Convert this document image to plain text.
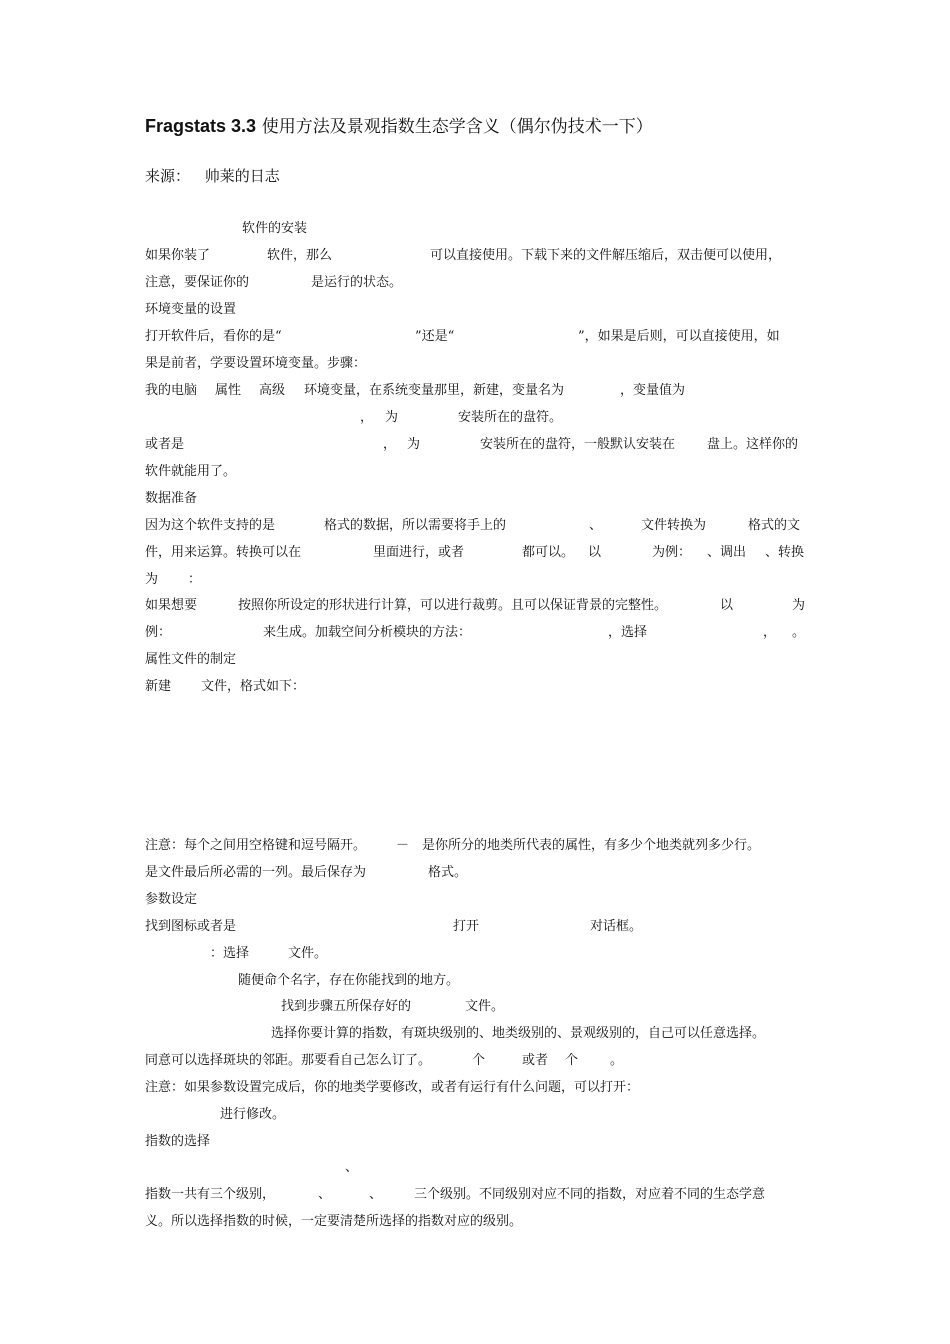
Fragstats 3.3 使用方法及景观指数生态学含义（偶尔伪技术一下）
来源： 帅莱的日志
软件的安装
如果你装了	软件，那么	可以直接使用。下载下来的文件解压缩后，双击便可以使用，
注意，要保证你的	是运行的状态。
环境变量的设置
打开软件后，看你的是“	”还是“	”，如果是后则，可以直接使用，如
果是前者，学要设置环境变量。步骤：
我的电脑 属性 高级 环境变量，在系统变量那里，新建，变量名为	，变量值为
， 为	安装所在的盘符。
或者是	， 为	安装所在的盘符，一般默认安装在 盘上。这样你的
软件就能用了。
数据准备
因为这个软件支持的是	格式的数据，所以需要将手上的	、	文件转换为	格式的文
件，用来运算。转换可以在	里面进行，或者	都可以。 以	为例： 、调出 、转换
为 ：
如果想要	按照你所设定的形状进行计算，可以进行裁剪。且可以保证背景的完整性。	以	为
例：	来生成。加载空间分析模块的方法：	，选择	， 。
属性文件的制定
新建 文件，格式如下：
注意：每个之间用空格键和逗号隔开。 － 是你所分的地类所代表的属性，有多少个地类就列多少行。
是文件最后所必需的一列。最后保存为	格式。
参数设定
找到图标或者是	打开	对话框。
：选择	文件。
随便命个名字，存在你能找到的地方。
找到步骤五所保存好的	文件。
选择你要计算的指数，有斑块级别的、地类级别的、景观级别的，自己可以任意选择。
同意可以选择斑块的邻距。那要看自己怎么订了。	个	或者 个 。
注意：如果参数设置完成后，你的地类学要修改，或者有运行有什么问题，可以打开：
进行修改。
指数的选择
、
指数一共有三个级别，	、	、 三个级别。不同级别对应不同的指数，对应着不同的生态学意
义。所以选择指数的时候，一定要清楚所选择的指数对应的级别。
